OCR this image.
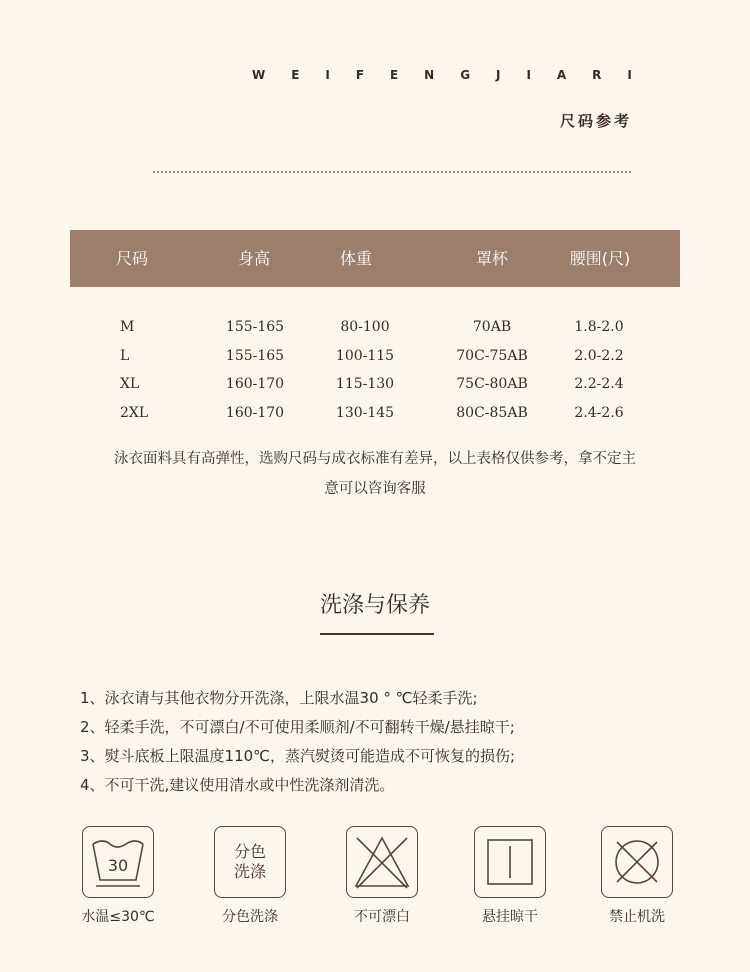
W E I F E N G J I A R I
尺码参考
尺码	身高	体重	罩杯	腰围(尺)
M	155-165	80-100	70AB	1.8-2.0
L	155-165	100-115	70C-75AB	2.0-2.2
XL	160-170	115-130	75C-80AB	2.2-2.4
2XL	160-170	130-145	80C-85AB	2.4-2.6
泳衣面料具有高弹性，选购尺码与成衣标准有差异，以上表格仅供参考，拿不定主意可以咨询客服
洗涤与保养
1、泳衣请与其他衣物分开洗涤，上限水温30 ° ℃轻柔手洗;
2、轻柔手洗，不可漂白/不可使用柔顺剂/不可翻转干燥/悬挂晾干;
3、熨斗底板上限温度110℃，蒸汽熨烫可能造成不可恢复的损伤;
4、不可干洗,建议使用清水或中性洗涤剂清洗。
30
水温≤30℃
分色
洗涤
分色洗涤	不可漂白	悬挂晾干	禁止机洗
